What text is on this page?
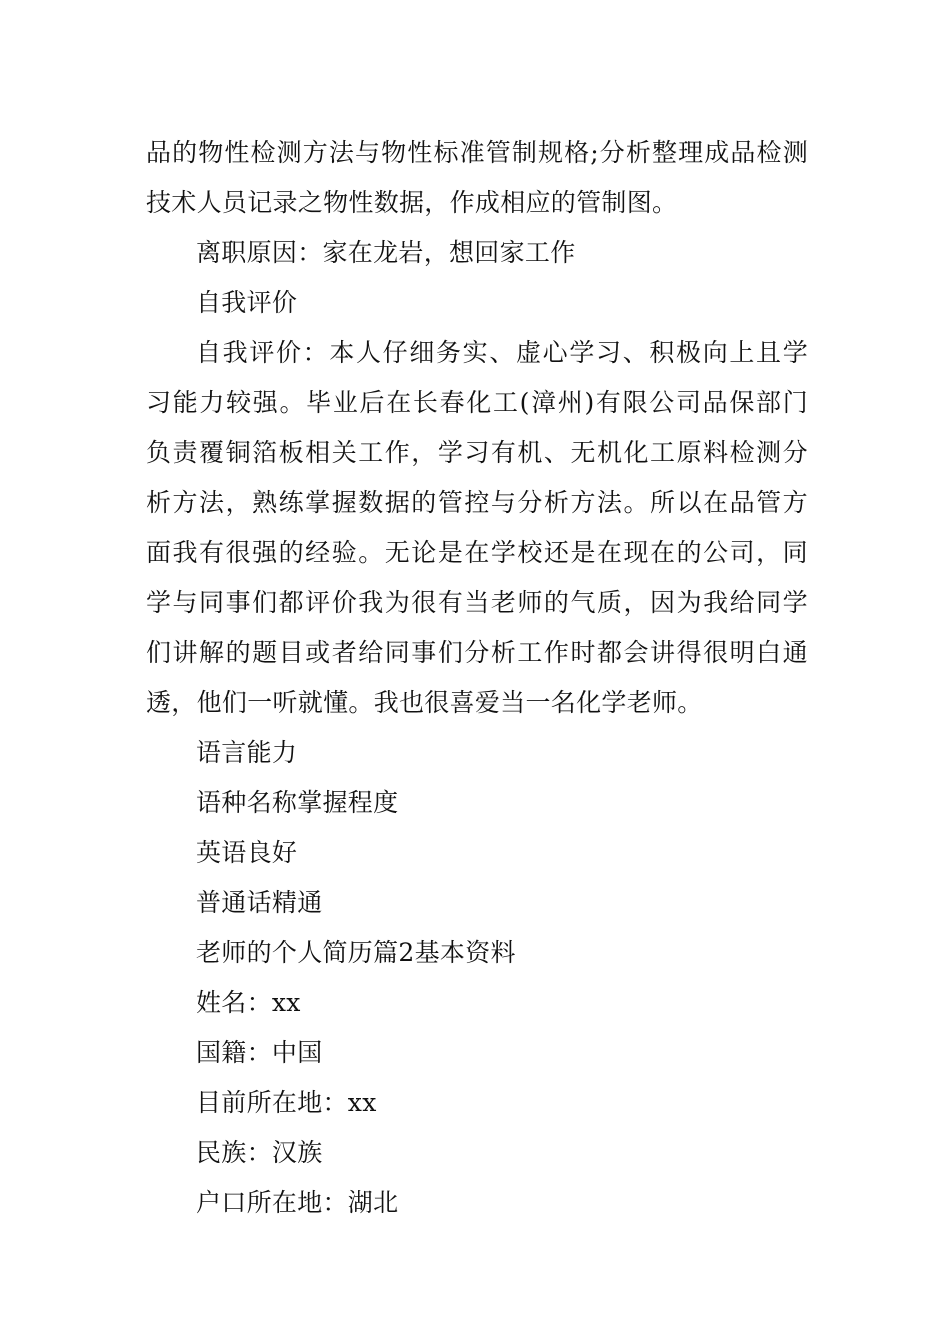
品的物性检测方法与物性标准管制规格;分析整理成品检测
技术人员记录之物性数据，作成相应的管制图。
离职原因：家在龙岩，想回家工作
自我评价
自我评价：本人仔细务实、虚心学习、积极向上且学
习能力较强。毕业后在长春化工(漳州)有限公司品保部门
负责覆铜箔板相关工作，学习有机、无机化工原料检测分
析方法，熟练掌握数据的管控与分析方法。所以在品管方
面我有很强的经验。无论是在学校还是在现在的公司，同
学与同事们都评价我为很有当老师的气质，因为我给同学
们讲解的题目或者给同事们分析工作时都会讲得很明白通
透，他们一听就懂。我也很喜爱当一名化学老师。
语言能力
语种名称掌握程度
英语良好
普通话精通
老师的个人简历篇2基本资料
姓名：xx
国籍：中国
目前所在地：xx
民族：汉族
户口所在地：湖北
